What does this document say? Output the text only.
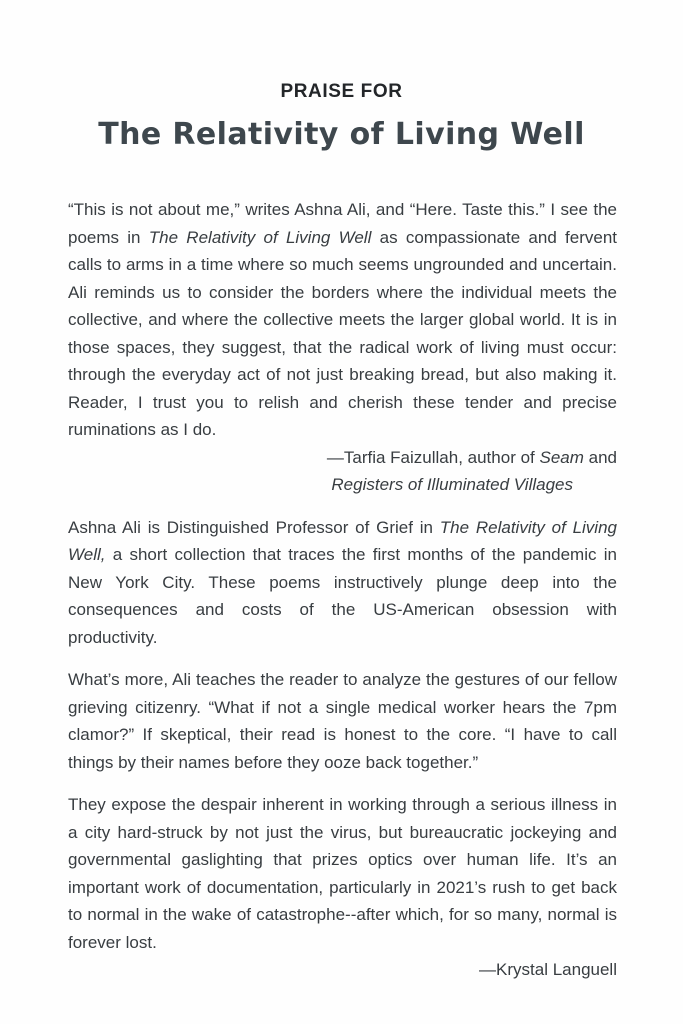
PRAISE FOR
The Relativity of Living Well

“This is not about me,” writes Ashna Ali, and “Here. Taste this.” I see the poems in The Relativity of Living Well as compassionate and fervent calls to arms in a time where so much seems ungrounded and uncertain. Ali reminds us to consider the borders where the individual meets the collective, and where the collective meets the larger global world. It is in those spaces, they suggest, that the radical work of living must occur: through the everyday act of not just breaking bread, but also making it. Reader, I trust you to relish and cherish these tender and precise ruminations as I do.

—Tarfia Faizullah, author of Seam and
Registers of Illuminated Villages

Ashna Ali is Distinguished Professor of Grief in The Relativity of Living Well, a short collection that traces the first months of the pandemic in New York City. These poems instructively plunge deep into the consequences and costs of the US-American obsession with productivity.

What’s more, Ali teaches the reader to analyze the gestures of our fellow grieving citizenry. “What if not a single medical worker hears the 7pm clamor?” If skeptical, their read is honest to the core. “I have to call things by their names before they ooze back together.”

They expose the despair inherent in working through a serious illness in a city hard-struck by not just the virus, but bureaucratic jockeying and governmental gaslighting that prizes optics over human life. It’s an important work of documentation, particularly in 2021’s rush to get back to normal in the wake of catastrophe--after which, for so many, normal is forever lost.

—Krystal Languell
